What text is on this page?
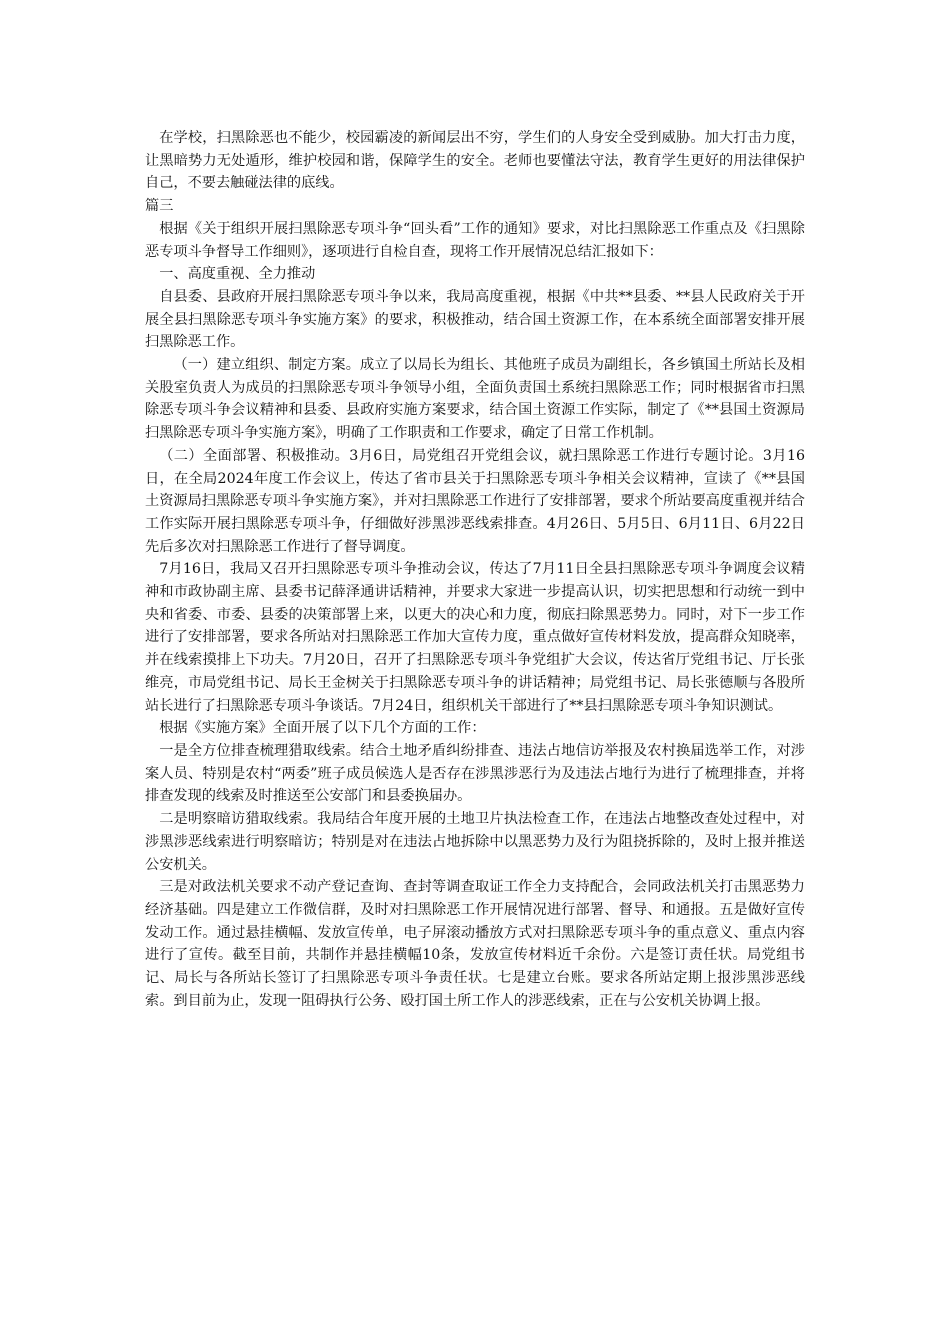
在学校，扫黑除恶也不能少，校园霸凌的新闻层出不穷，学生们的人身安全受到威胁。加大打击力度，让黑暗势力无处遁形，维护校园和谐，保障学生的安全。老师也要懂法守法，教育学生更好的用法律保护自己，不要去触碰法律的底线。

篇三

根据《关于组织开展扫黑除恶专项斗争“回头看”工作的通知》要求，对比扫黑除恶工作重点及《扫黑除恶专项斗争督导工作细则》，逐项进行自检自查，现将工作开展情况总结汇报如下：

一、高度重视、全力推动

自县委、县政府开展扫黑除恶专项斗争以来，我局高度重视，根据《中共**县委、**县人民政府关于开展全县扫黑除恶专项斗争实施方案》的要求，积极推动，结合国土资源工作，在本系统全面部署安排开展扫黑除恶工作。

（一）建立组织、制定方案。成立了以局长为组长、其他班子成员为副组长，各乡镇国土所站长及相关股室负责人为成员的扫黑除恶专项斗争领导小组，全面负责国土系统扫黑除恶工作；同时根据省市扫黑除恶专项斗争会议精神和县委、县政府实施方案要求，结合国土资源工作实际，制定了《**县国土资源局扫黑除恶专项斗争实施方案》，明确了工作职责和工作要求，确定了日常工作机制。

（二）全面部署、积极推动。3月6日，局党组召开党组会议，就扫黑除恶工作进行专题讨论。3月16日，在全局2024年度工作会议上，传达了省市县关于扫黑除恶专项斗争相关会议精神，宣读了《**县国土资源局扫黑除恶专项斗争实施方案》，并对扫黑除恶工作进行了安排部署，要求个所站要高度重视并结合工作实际开展扫黑除恶专项斗争，仔细做好涉黑涉恶线索排查。4月26日、5月5日、6月11日、6月22日先后多次对扫黑除恶工作进行了督导调度。

7月16日，我局又召开扫黑除恶专项斗争推动会议，传达了7月11日全县扫黑除恶专项斗争调度会议精神和市政协副主席、县委书记薛泽通讲话精神，并要求大家进一步提高认识，切实把思想和行动统一到中央和省委、市委、县委的决策部署上来，以更大的决心和力度，彻底扫除黑恶势力。同时，对下一步工作进行了安排部署，要求各所站对扫黑除恶工作加大宣传力度，重点做好宣传材料发放，提高群众知晓率，并在线索摸排上下功夫。7月20日，召开了扫黑除恶专项斗争党组扩大会议，传达省厅党组书记、厅长张维亮，市局党组书记、局长王金树关于扫黑除恶专项斗争的讲话精神；局党组书记、局长张德顺与各股所站长进行了扫黑除恶专项斗争谈话。7月24日，组织机关干部进行了**县扫黑除恶专项斗争知识测试。

根据《实施方案》全面开展了以下几个方面的工作：

一是全方位排查梳理猎取线索。结合土地矛盾纠纷排查、违法占地信访举报及农村换届选举工作，对涉案人员、特别是农村“两委”班子成员候选人是否存在涉黑涉恶行为及违法占地行为进行了梳理排查，并将排查发现的线索及时推送至公安部门和县委换届办。

二是明察暗访猎取线索。我局结合年度开展的土地卫片执法检查工作，在违法占地整改查处过程中，对涉黑涉恶线索进行明察暗访；特别是对在违法占地拆除中以黑恶势力及行为阻挠拆除的，及时上报并推送公安机关。

三是对政法机关要求不动产登记查询、查封等调查取证工作全力支持配合，会同政法机关打击黑恶势力经济基础。四是建立工作微信群，及时对扫黑除恶工作开展情况进行部署、督导、和通报。五是做好宣传发动工作。通过悬挂横幅、发放宣传单，电子屏滚动播放方式对扫黑除恶专项斗争的重点意义、重点内容进行了宣传。截至目前，共制作并悬挂横幅10条，发放宣传材料近千余份。六是签订责任状。局党组书记、局长与各所站长签订了扫黑除恶专项斗争责任状。七是建立台账。要求各所站定期上报涉黑涉恶线索。到目前为止，发现一阻碍执行公务、殴打国土所工作人的涉恶线索，正在与公安机关协调上报。
